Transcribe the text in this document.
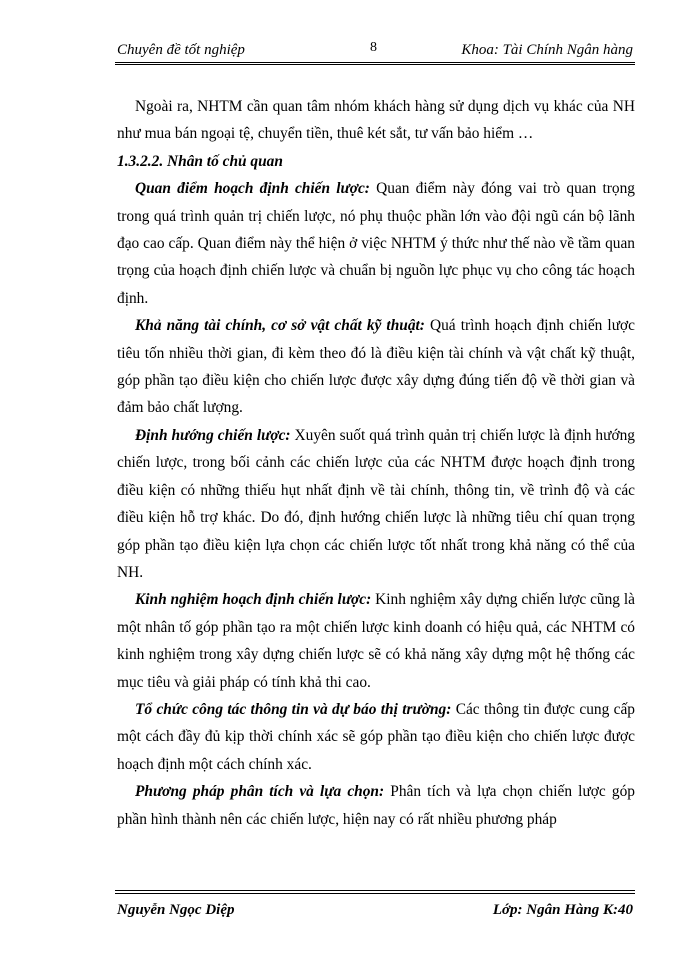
Chuyên đề tốt nghiệp	8	Khoa: Tài Chính Ngân hàng

Ngoài ra, NHTM cần quan tâm nhóm khách hàng sử dụng dịch vụ khác của NH như mua bán ngoại tệ, chuyển tiền, thuê két sắt, tư vấn bảo hiểm …

1.3.2.2. Nhân tố chủ quan

Quan điểm hoạch định chiến lược: Quan điểm này đóng vai trò quan trọng trong quá trình quản trị chiến lược, nó phụ thuộc phần lớn vào đội ngũ cán bộ lãnh đạo cao cấp. Quan điểm này thể hiện ở việc NHTM ý thức như thế nào về tầm quan trọng của hoạch định chiến lược và chuẩn bị nguồn lực phục vụ cho công tác hoạch định.

Khả năng tài chính, cơ sở vật chất kỹ thuật: Quá trình hoạch định chiến lược tiêu tốn nhiều thời gian, đi kèm theo đó là điều kiện tài chính và vật chất kỹ thuật, góp phần tạo điều kiện cho chiến lược được xây dựng đúng tiến độ về thời gian và đảm bảo chất lượng.

Định hướng chiến lược: Xuyên suốt quá trình quản trị chiến lược là định hướng chiến lược, trong bối cảnh các chiến lược của các NHTM được hoạch định trong điều kiện có những thiếu hụt nhất định về tài chính, thông tin, về trình độ và các điều kiện hỗ trợ khác. Do đó, định hướng chiến lược là những tiêu chí quan trọng góp phần tạo điều kiện lựa chọn các chiến lược tốt nhất trong khả năng có thể của NH.

Kinh nghiệm hoạch định chiến lược: Kinh nghiệm xây dựng chiến lược cũng là một nhân tố góp phần tạo ra một chiến lược kinh doanh có hiệu quả, các NHTM có kinh nghiệm trong xây dựng chiến lược sẽ có khả năng xây dựng một hệ thống các mục tiêu và giải pháp có tính khả thi cao.

Tổ chức công tác thông tin và dự báo thị trường: Các thông tin được cung cấp một cách đầy đủ kịp thời chính xác sẽ góp phần tạo điều kiện cho chiến lược được hoạch định một cách chính xác.

Phương pháp phân tích và lựa chọn: Phân tích và lựa chọn chiến lược góp phần hình thành nên các chiến lược, hiện nay có rất nhiều phương pháp

Nguyễn Ngọc Diệp	Lớp: Ngân Hàng K:40
